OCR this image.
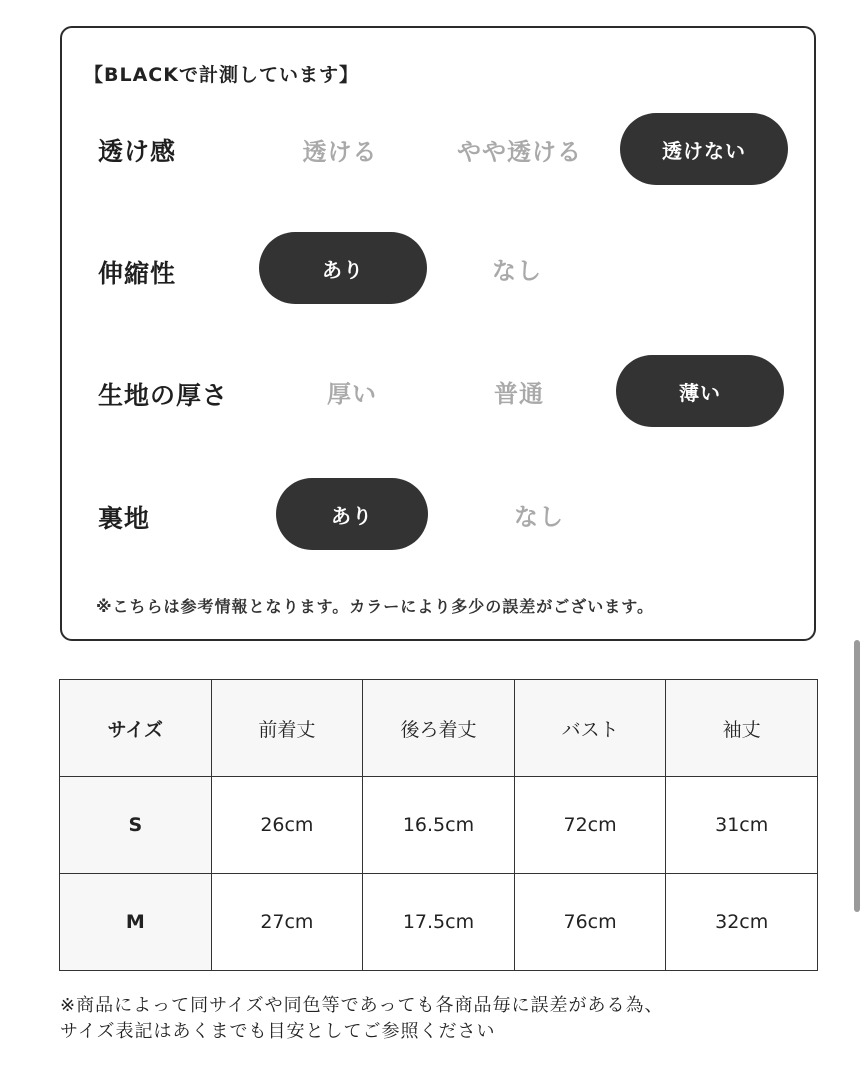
【BLACKで計測しています】
透け感	透ける	やや透ける	透けない
伸縮性	あり	なし
生地の厚さ	厚い	普通	薄い
裏地	あり	なし
※こちらは参考情報となります。カラーにより多少の誤差がございます。
サイズ	前着丈	後ろ着丈	バスト	袖丈
S	26cm	16.5cm	72cm	31cm
M	27cm	17.5cm	76cm	32cm
※商品によって同サイズや同色等であっても各商品毎に誤差がある為、
サイズ表記はあくまでも目安としてご参照ください
